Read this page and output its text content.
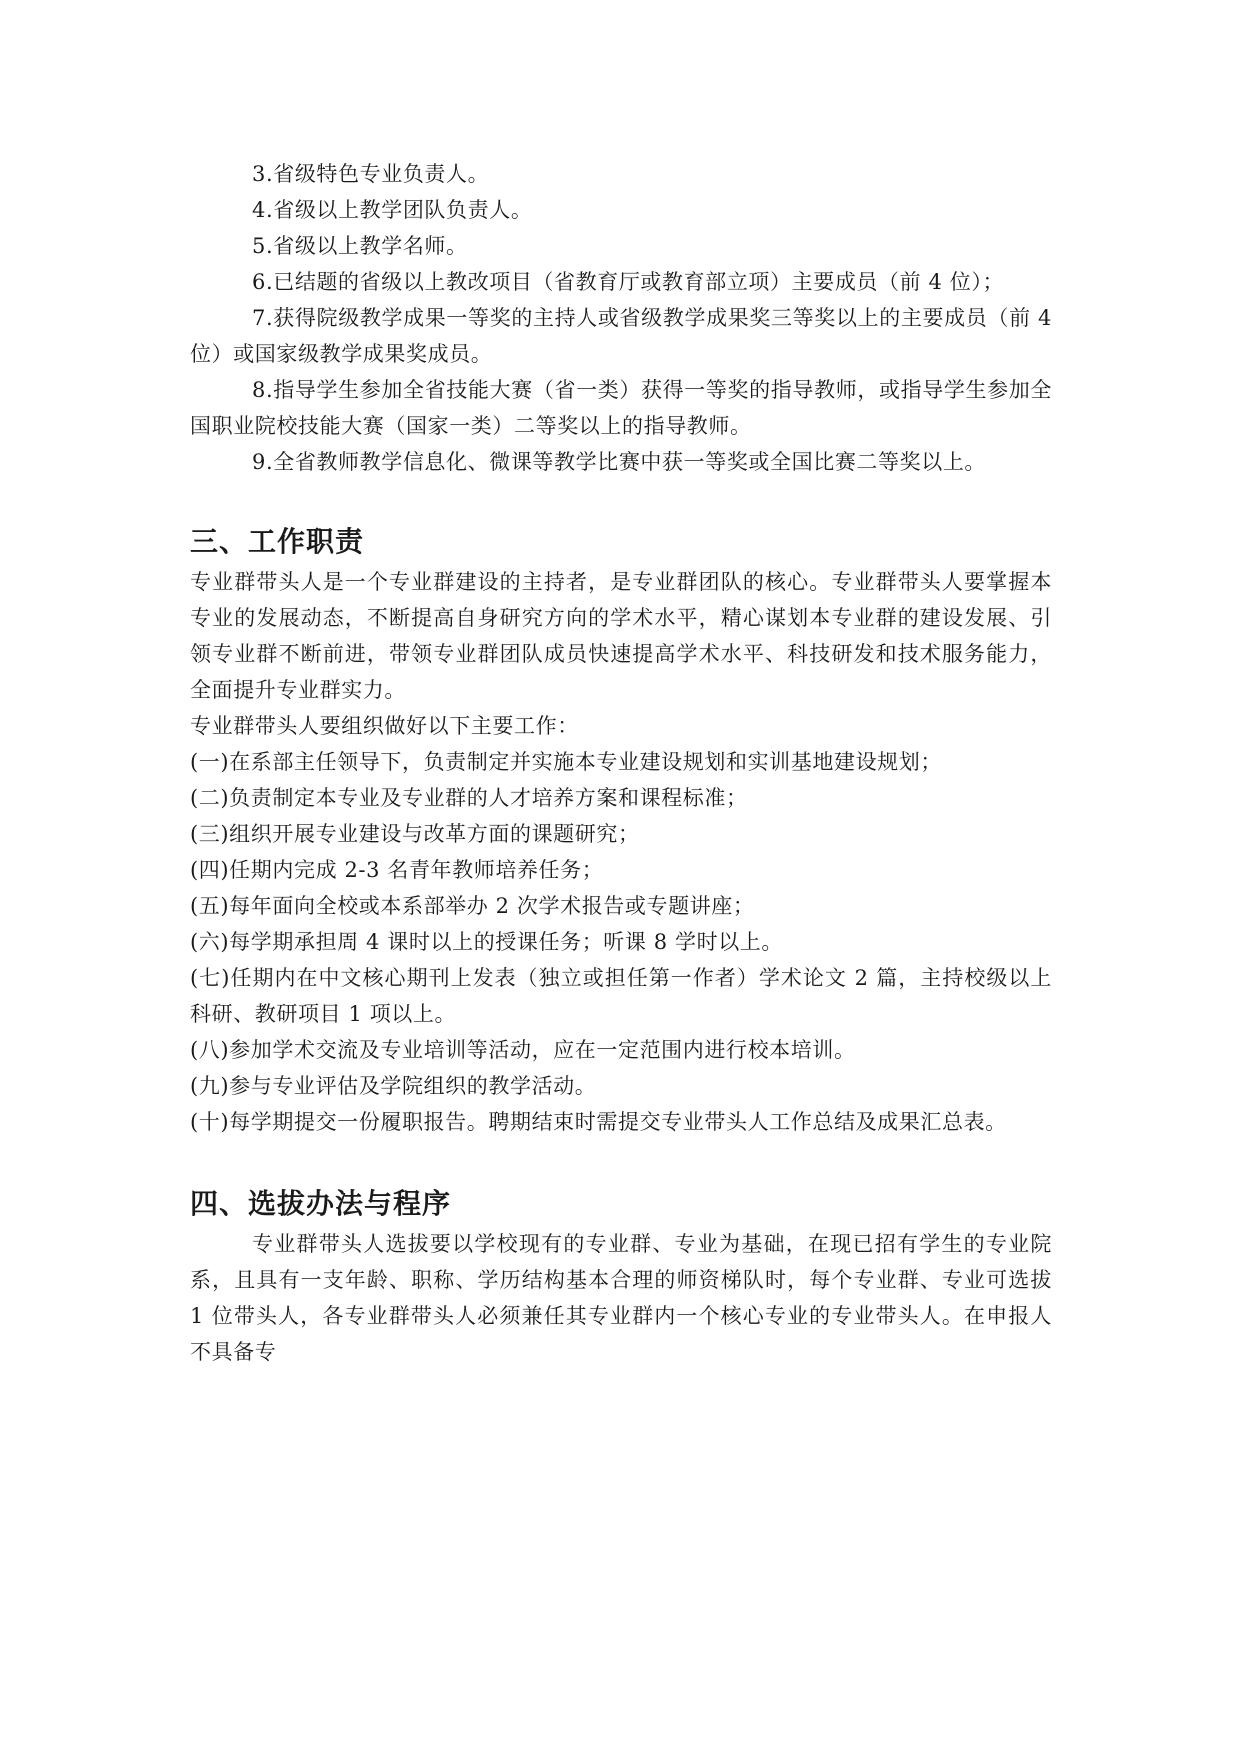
3.省级特色专业负责人。

4.省级以上教学团队负责人。

5.省级以上教学名师。

6.已结题的省级以上教改项目（省教育厅或教育部立项）主要成员（前 4 位）；

7.获得院级教学成果一等奖的主持人或省级教学成果奖三等奖以上的主要成员（前 4 位）或国家级教学成果奖成员。

8.指导学生参加全省技能大赛（省一类）获得一等奖的指导教师，或指导学生参加全国职业院校技能大赛（国家一类）二等奖以上的指导教师。

9.全省教师教学信息化、微课等教学比赛中获一等奖或全国比赛二等奖以上。

三、工作职责

专业群带头人是一个专业群建设的主持者，是专业群团队的核心。专业群带头人要掌握本专业的发展动态，不断提高自身研究方向的学术水平，精心谋划本专业群的建设发展、引领专业群不断前进，带领专业群团队成员快速提高学术水平、科技研发和技术服务能力，全面提升专业群实力。

专业群带头人要组织做好以下主要工作：

(一)在系部主任领导下，负责制定并实施本专业建设规划和实训基地建设规划；

(二)负责制定本专业及专业群的人才培养方案和课程标准；

(三)组织开展专业建设与改革方面的课题研究；

(四)任期内完成 2-3 名青年教师培养任务；

(五)每年面向全校或本系部举办 2 次学术报告或专题讲座；

(六)每学期承担周 4 课时以上的授课任务；听课 8 学时以上。

(七)任期内在中文核心期刊上发表（独立或担任第一作者）学术论文 2 篇，主持校级以上科研、教研项目 1 项以上。

(八)参加学术交流及专业培训等活动，应在一定范围内进行校本培训。

(九)参与专业评估及学院组织的教学活动。

(十)每学期提交一份履职报告。聘期结束时需提交专业带头人工作总结及成果汇总表。

四、选拔办法与程序

专业群带头人选拔要以学校现有的专业群、专业为基础，在现已招有学生的专业院系，且具有一支年龄、职称、学历结构基本合理的师资梯队时，每个专业群、专业可选拔 1 位带头人，各专业群带头人必须兼任其专业群内一个核心专业的专业带头人。在申报人不具备专
